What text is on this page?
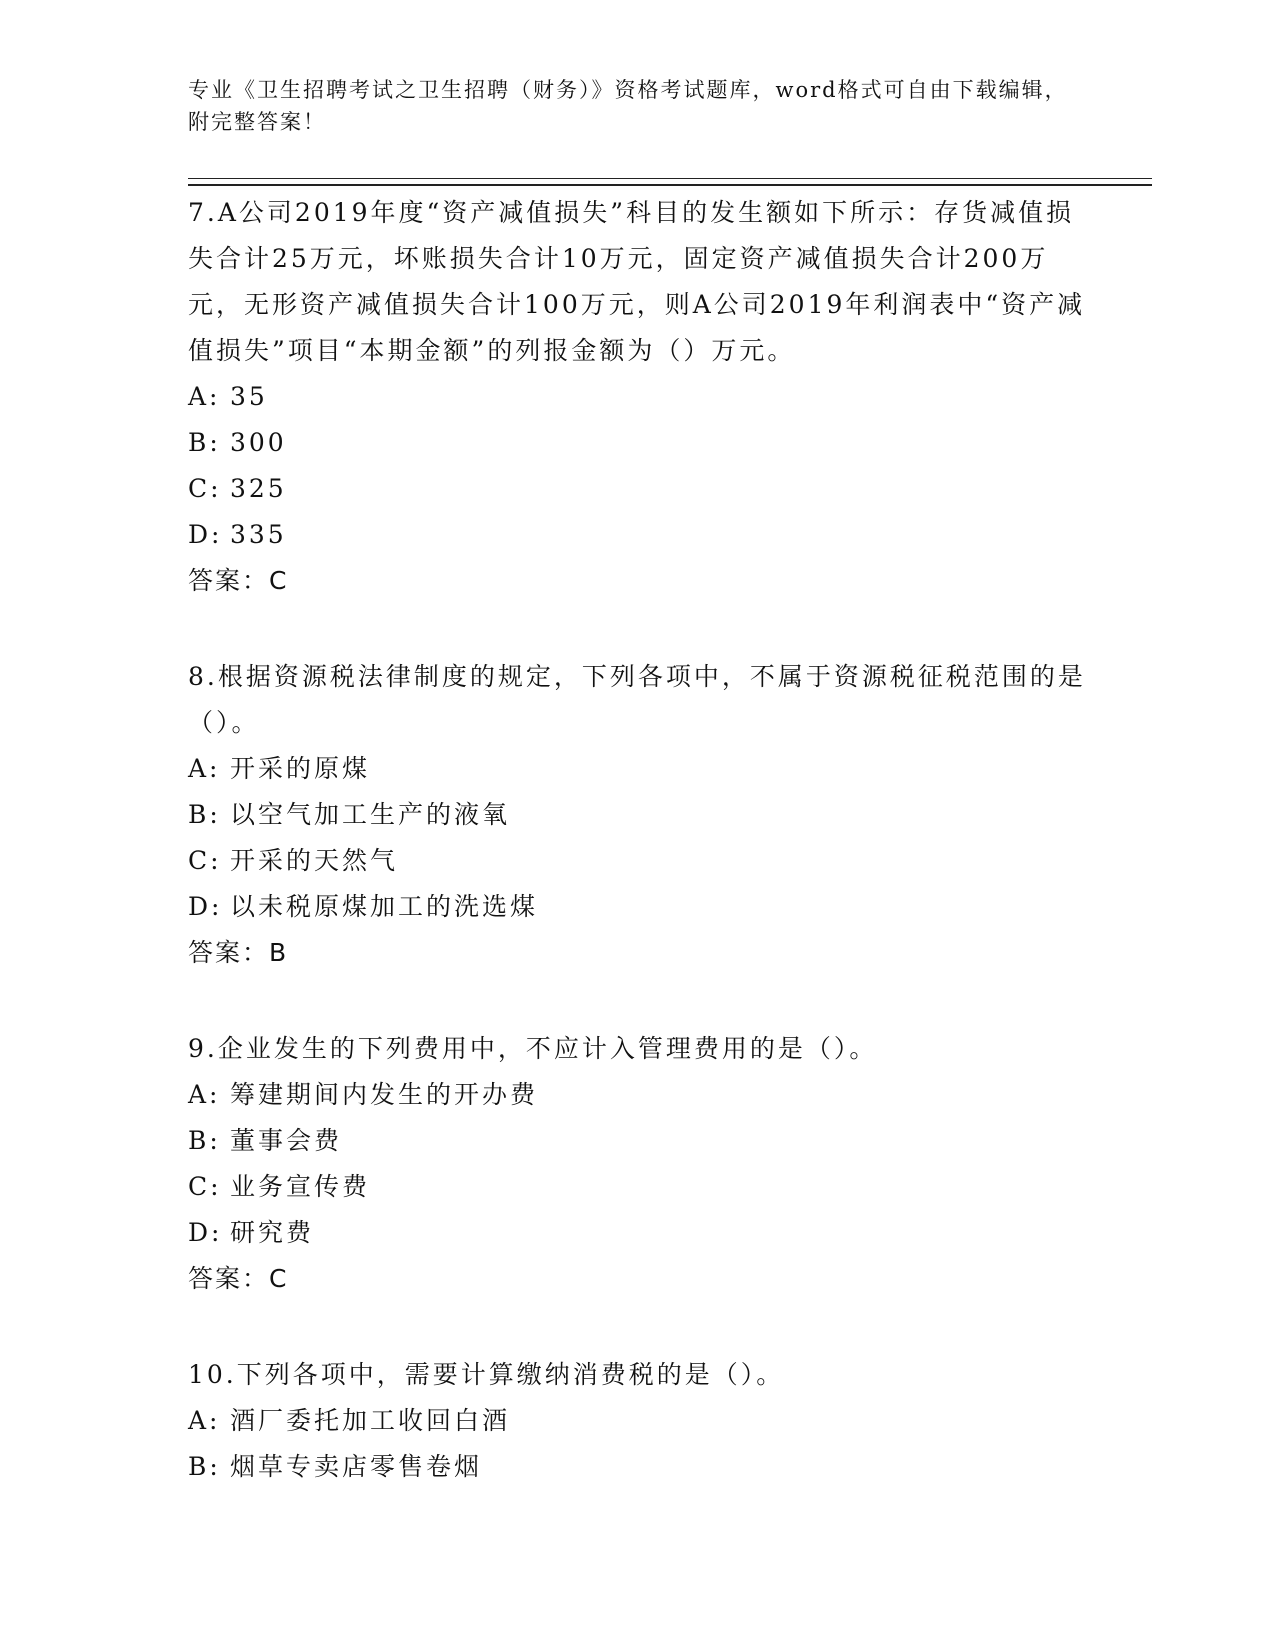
专业《卫生招聘考试之卫生招聘（财务）》资格考试题库，word格式可自由下载编辑，附完整答案！

7.A公司2019年度“资产减值损失”科目的发生额如下所示：存货减值损失合计25万元，坏账损失合计10万元，固定资产减值损失合计200万元，无形资产减值损失合计100万元，则A公司2019年利润表中“资产减值损失”项目“本期金额”的列报金额为（）万元。

A: 35
B: 300
C: 325
D: 335
答案：C

8.根据资源税法律制度的规定，下列各项中，不属于资源税征税范围的是（）。

A: 开采的原煤
B: 以空气加工生产的液氧
C: 开采的天然气
D: 以未税原煤加工的洗选煤
答案：B

9.企业发生的下列费用中，不应计入管理费用的是（）。

A: 筹建期间内发生的开办费
B: 董事会费
C: 业务宣传费
D: 研究费
答案：C

10.下列各项中，需要计算缴纳消费税的是（）。

A: 酒厂委托加工收回白酒
B: 烟草专卖店零售卷烟
